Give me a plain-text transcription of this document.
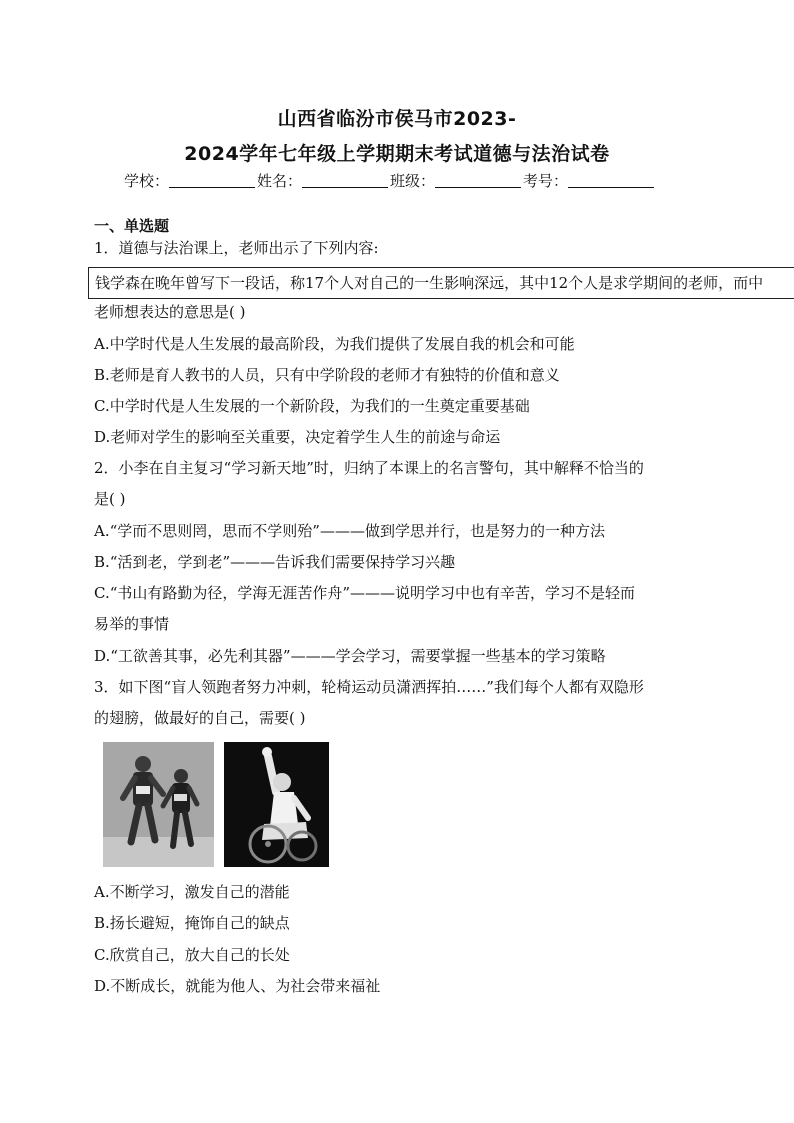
山西省临汾市侯马市2023-
2024学年七年级上学期期末考试道德与法治试卷
学校：	姓名：	班级：	考号：
一、单选题
1．道德与法治课上，老师出示了下列内容:
钱学森在晚年曾写下一段话，称17个人对自己的一生影响深远，其中12个人是求学期间的老师，而中
老师想表达的意思是( )
A.中学时代是人生发展的最高阶段，为我们提供了发展自我的机会和可能
B.老师是育人教书的人员，只有中学阶段的老师才有独特的价值和意义
C.中学时代是人生发展的一个新阶段，为我们的一生奠定重要基础
D.老师对学生的影响至关重要，决定着学生人生的前途与命运
2．小李在自主复习“学习新天地”时，归纳了本课上的名言警句，其中解释不恰当的
是( )
A.“学而不思则罔，思而不学则殆”———做到学思并行，也是努力的一种方法
B.“活到老，学到老”———告诉我们需要保持学习兴趣
C.“书山有路勤为径，学海无涯苦作舟”———说明学习中也有辛苦，学习不是轻而
易举的事情
D.“工欲善其事，必先利其器”———学会学习，需要掌握一些基本的学习策略
3．如下图“盲人领跑者努力冲刺，轮椅运动员潇洒挥拍……”我们每个人都有双隐形
的翅膀，做最好的自己，需要( )
A.不断学习，激发自己的潜能
B.扬长避短，掩饰自己的缺点
C.欣赏自己，放大自己的长处
D.不断成长，就能为他人、为社会带来福祉
